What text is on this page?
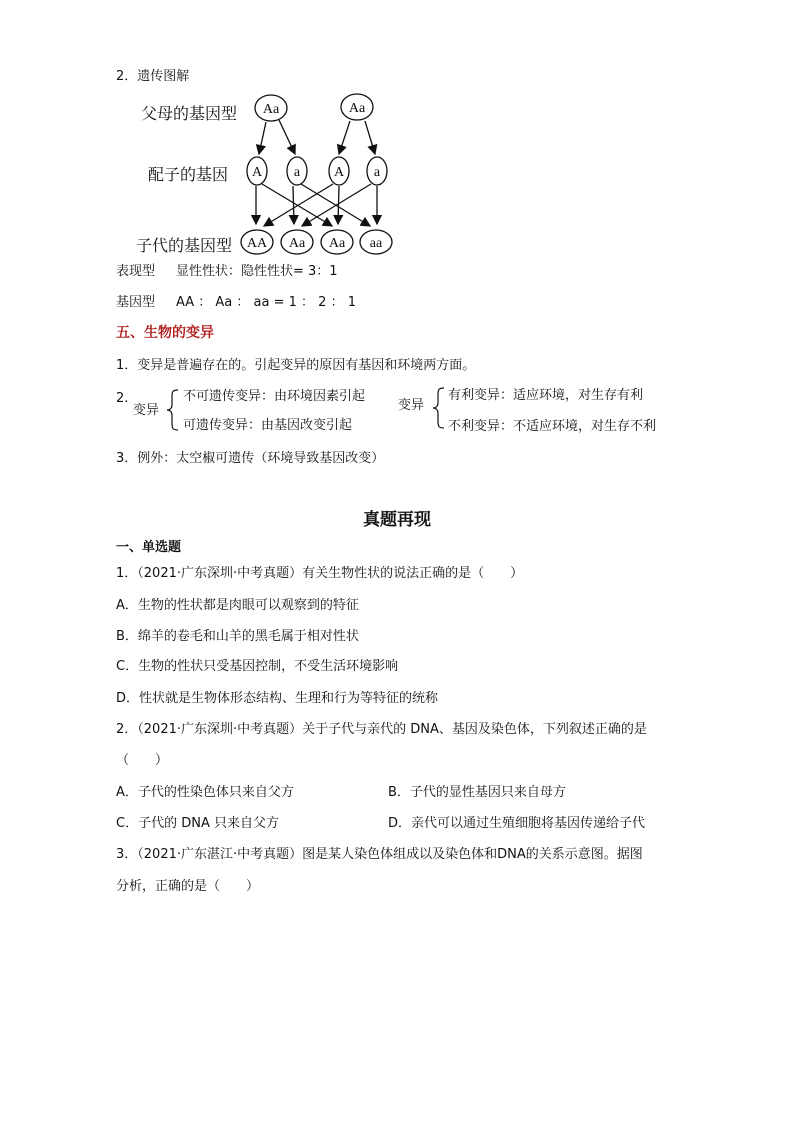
2．遗传图解
父母的基因型
配子的基因
子代的基因型
Aa	Aa
A a A a
AA Aa Aa aa
表现型 显性性状：隐性性状= 3：1
基因型 AA ： Aa ： aa = 1 ： 2 ： 1
五、生物的变异
1．变异是普遍存在的。引起变异的原因有基因和环境两方面。
2.
变异
不可遗传变异：由环境因素引起
可遗传变异：由基因改变引起
变异
有利变异：适应环境，对生存有利
不利变异：不适应环境，对生存不利
3．例外：太空椒可遗传（环境导致基因改变）
真题再现
一、单选题
1．（2021·广东深圳·中考真题）有关生物性状的说法正确的是（　　）
A．生物的性状都是肉眼可以观察到的特征
B．绵羊的卷毛和山羊的黑毛属于相对性状
C．生物的性状只受基因控制，不受生活环境影响
D．性状就是生物体形态结构、生理和行为等特征的统称
2．（2021·广东深圳·中考真题）关于子代与亲代的 DNA、基因及染色体，下列叙述正确的是
（　　）
A．子代的性染色体只来自父方	B．子代的显性基因只来自母方
C．子代的 DNA 只来自父方	D．亲代可以通过生殖细胞将基因传递给子代
3．（2021·广东湛江·中考真题）图是某人染色体组成以及染色体和DNA的关系示意图。据图
分析，正确的是（　　）
